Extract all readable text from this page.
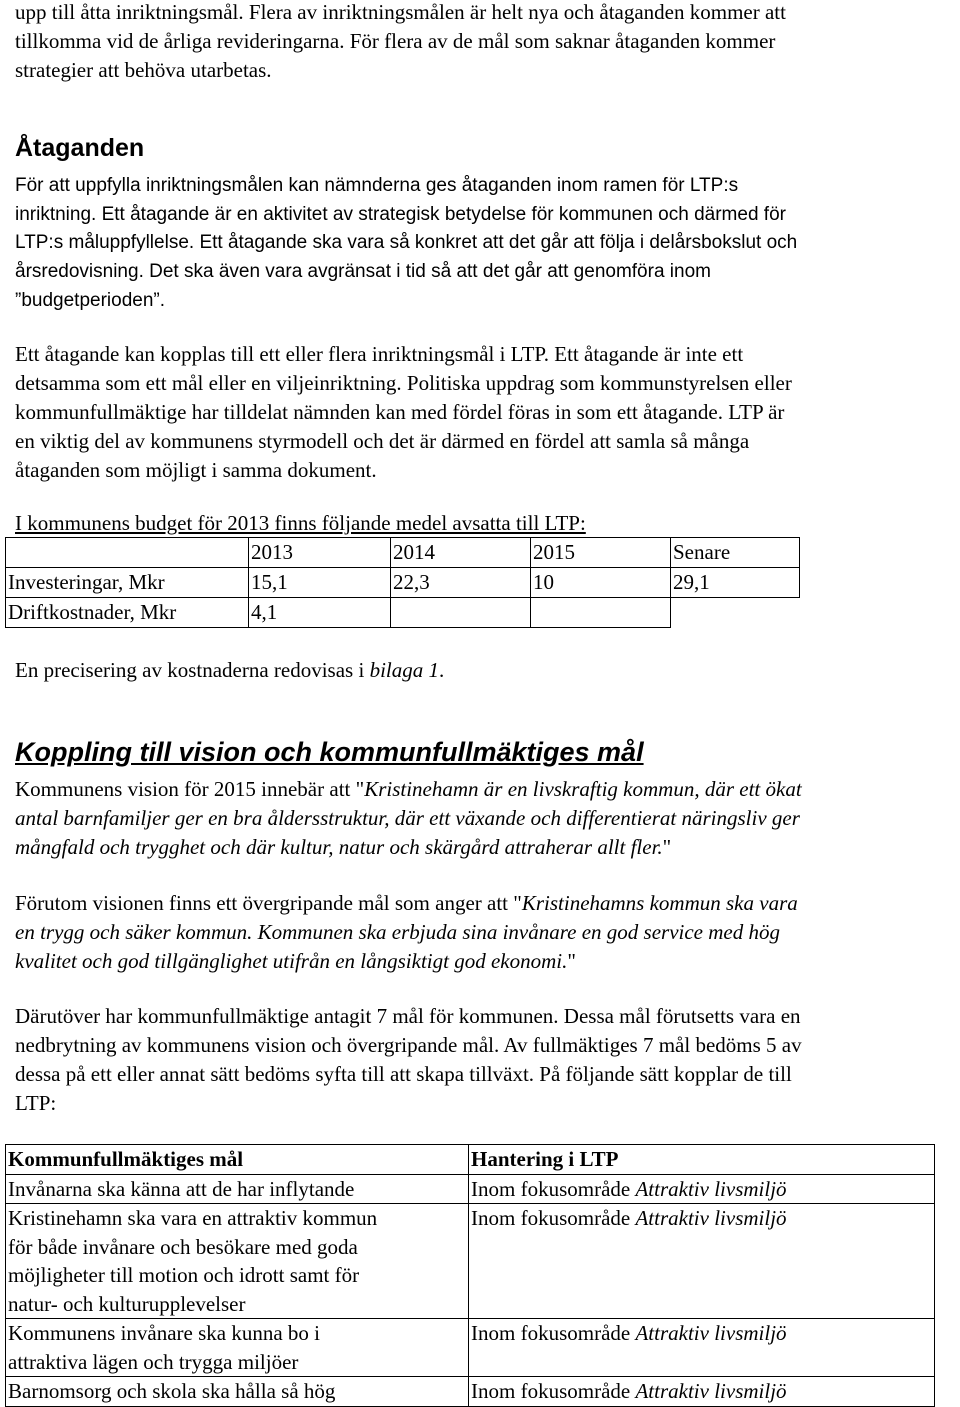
upp till åtta inriktningsmål. Flera av inriktningsmålen är helt nya och åtaganden kommer att
tillkomma vid de årliga revideringarna. För flera av de mål som saknar åtaganden kommer
strategier att behöva utarbetas.

Åtaganden

För att uppfylla inriktningsmålen kan nämnderna ges åtaganden inom ramen för LTP:s
inriktning. Ett åtagande är en aktivitet av strategisk betydelse för kommunen och därmed för
LTP:s måluppfyllelse. Ett åtagande ska vara så konkret att det går att följa i delårsbokslut och
årsredovisning. Det ska även vara avgränsat i tid så att det går att genomföra inom
”budgetperioden”.

Ett åtagande kan kopplas till ett eller flera inriktningsmål i LTP. Ett åtagande är inte ett
detsamma som ett mål eller en viljeinriktning. Politiska uppdrag som kommunstyrelsen eller
kommunfullmäktige har tilldelat nämnden kan med fördel föras in som ett åtagande. LTP är
en viktig del av kommunens styrmodell och det är därmed en fördel att samla så många
åtaganden som möjligt i samma dokument.

I kommunens budget för 2013 finns följande medel avsatta till LTP:

	2013	2014	2015	Senare
Investeringar, Mkr	15,1	22,3	10	29,1
Driftkostnader, Mkr	4,1			

En precisering av kostnaderna redovisas i bilaga 1.

Koppling till vision och kommunfullmäktiges mål

Kommunens vision för 2015 innebär att "Kristinehamn är en livskraftig kommun, där ett ökat
antal barnfamiljer ger en bra åldersstruktur, där ett växande och differentierat näringsliv ger
mångfald och trygghet och där kultur, natur och skärgård attraherar allt fler."

Förutom visionen finns ett övergripande mål som anger att "Kristinehamns kommun ska vara
en trygg och säker kommun. Kommunen ska erbjuda sina invånare en god service med hög
kvalitet och god tillgänglighet utifrån en långsiktigt god ekonomi."

Därutöver har kommunfullmäktige antagit 7 mål för kommunen. Dessa mål förutsetts vara en
nedbrytning av kommunens vision och övergripande mål. Av fullmäktiges 7 mål bedöms 5 av
dessa på ett eller annat sätt bedöms syfta till att skapa tillväxt. På följande sätt kopplar de till
LTP:

Kommunfullmäktiges mål	Hantering i LTP
Invånarna ska känna att de har inflytande	Inom fokusområde Attraktiv livsmiljö
Kristinehamn ska vara en attraktiv kommun
för både invånare och besökare med goda
möjligheter till motion och idrott samt för
natur- och kulturupplevelser	Inom fokusområde Attraktiv livsmiljö
Kommunens invånare ska kunna bo i
attraktiva lägen och trygga miljöer	Inom fokusområde Attraktiv livsmiljö
Barnomsorg och skola ska hålla så hög	Inom fokusområde Attraktiv livsmiljö
